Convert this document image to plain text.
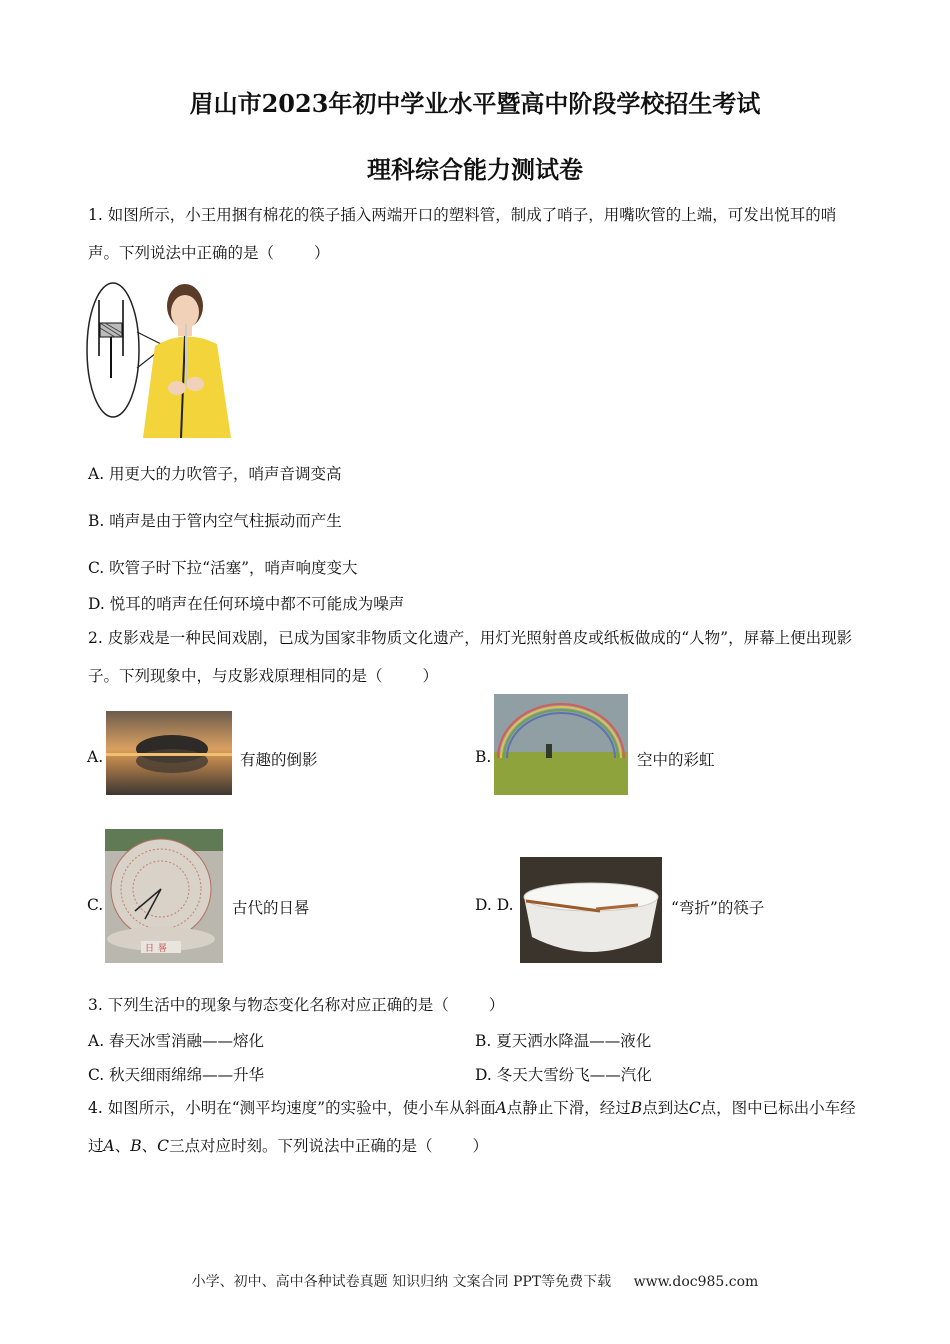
眉山市2023年初中学业水平暨高中阶段学校招生考试
理科综合能力测试卷
1. 如图所示，小王用捆有棉花的筷子插入两端开口的塑料管，制成了哨子，用嘴吹管的上端，可发出悦耳的哨声。下列说法中正确的是（	）
A. 用更大的力吹管子，哨声音调变高
B. 哨声是由于管内空气柱振动而产生
C. 吹管子时下拉“活塞”，哨声响度变大
D. 悦耳的哨声在任何环境中都不可能成为噪声
2. 皮影戏是一种民间戏剧，已成为国家非物质文化遗产，用灯光照射兽皮或纸板做成的“人物”，屏幕上便出现影子。下列现象中，与皮影戏原理相同的是（	）
A.	有趣的倒影	B.	空中的彩虹
C.
日晷
古代的日晷	D. D.	“弯折”的筷子
3. 下列生活中的现象与物态变化名称对应正确的是（	）
A. 春天冰雪消融——熔化	B. 夏天洒水降温——液化
C. 秋天细雨绵绵——升华	D. 冬天大雪纷飞——汽化
4. 如图所示，小明在“测平均速度”的实验中，使小车从斜面A点静止下滑，经过B点到达C点，图中已标出小车经过A、B、C三点对应时刻。下列说法中正确的是（	）
小学、初中、高中各种试卷真题 知识归纳 文案合同 PPT等免费下载 www.doc985.com
